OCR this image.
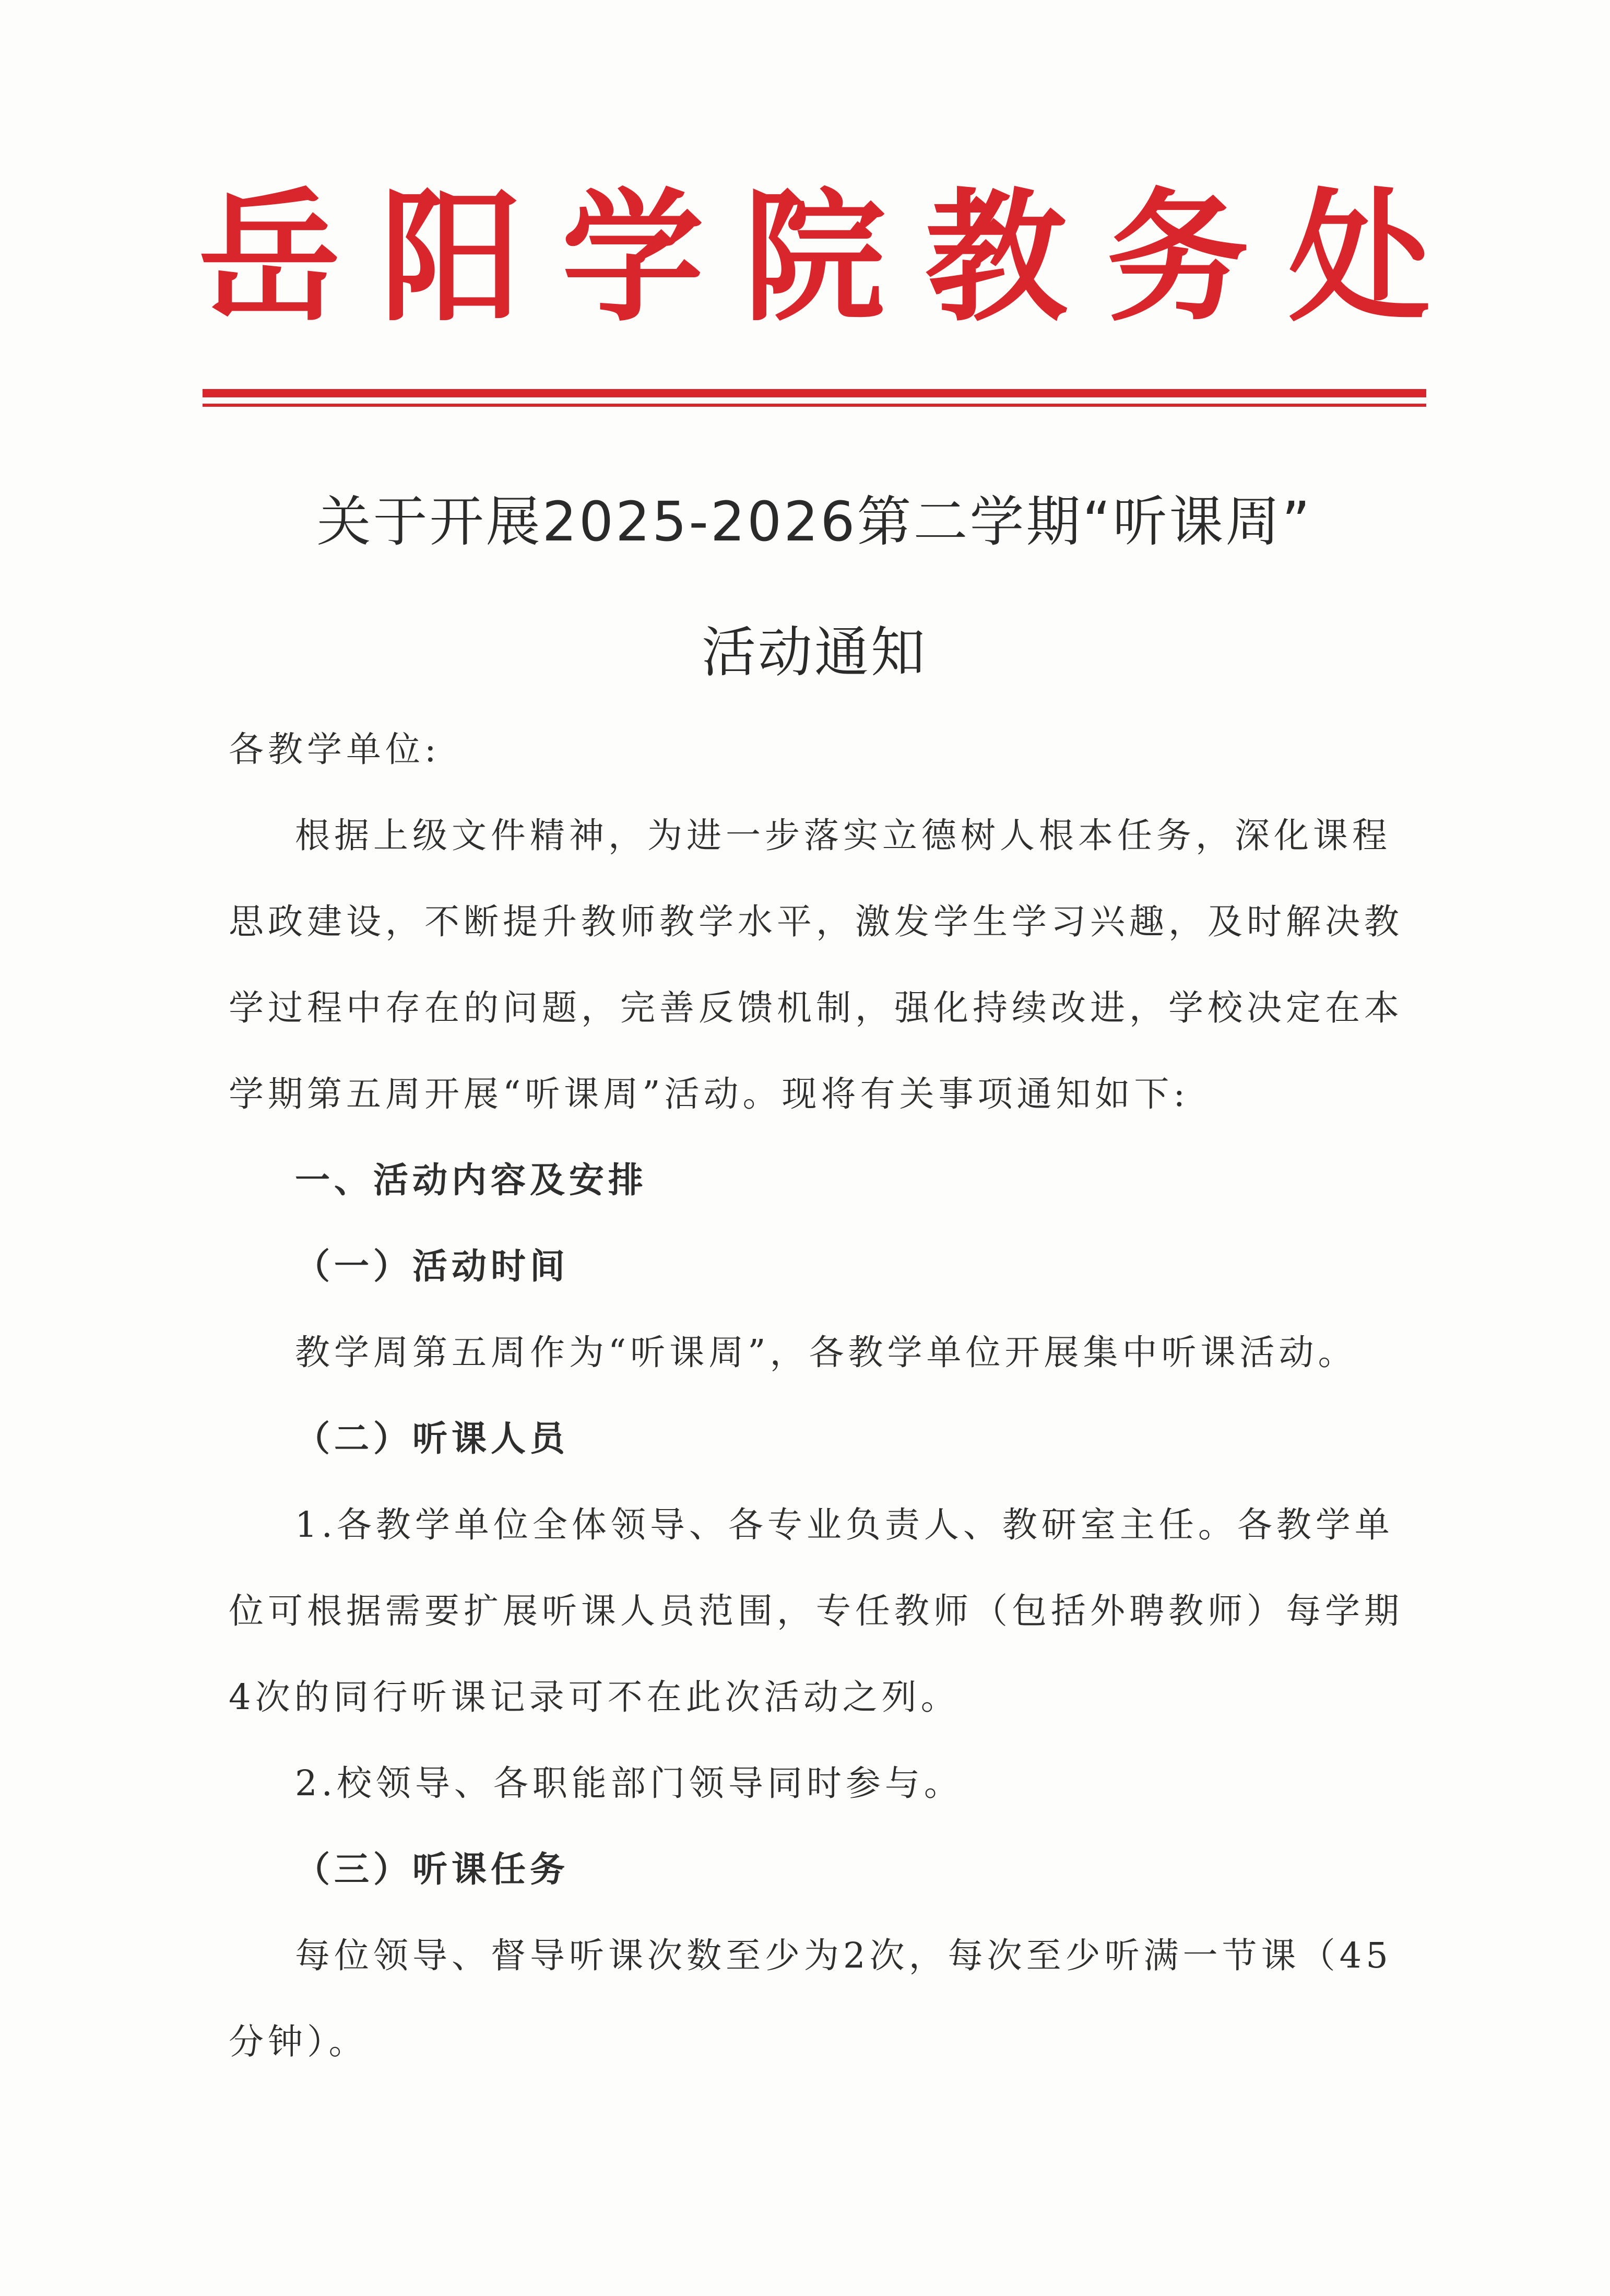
岳 阳 学 院 教 务 处
关于开展2025-2026第二学期“听课周”
活动通知
各教学单位:
根据上级文件精神，为进一步落实立德树人根本任务，深化课程
思政建设，不断提升教师教学水平，激发学生学习兴趣，及时解决教
学过程中存在的问题，完善反馈机制，强化持续改进，学校决定在本
学期第五周开展“听课周”活动。现将有关事项通知如下:
一、活动内容及安排
（一）活动时间
教学周第五周作为“听课周”，各教学单位开展集中听课活动。
（二）听课人员
1.各教学单位全体领导、各专业负责人、教研室主任。各教学单
位可根据需要扩展听课人员范围，专任教师（包括外聘教师）每学期
4次的同行听课记录可不在此次活动之列。
2.校领导、各职能部门领导同时参与。
（三）听课任务
每位领导、督导听课次数至少为2次，每次至少听满一节课（45
分钟）。
